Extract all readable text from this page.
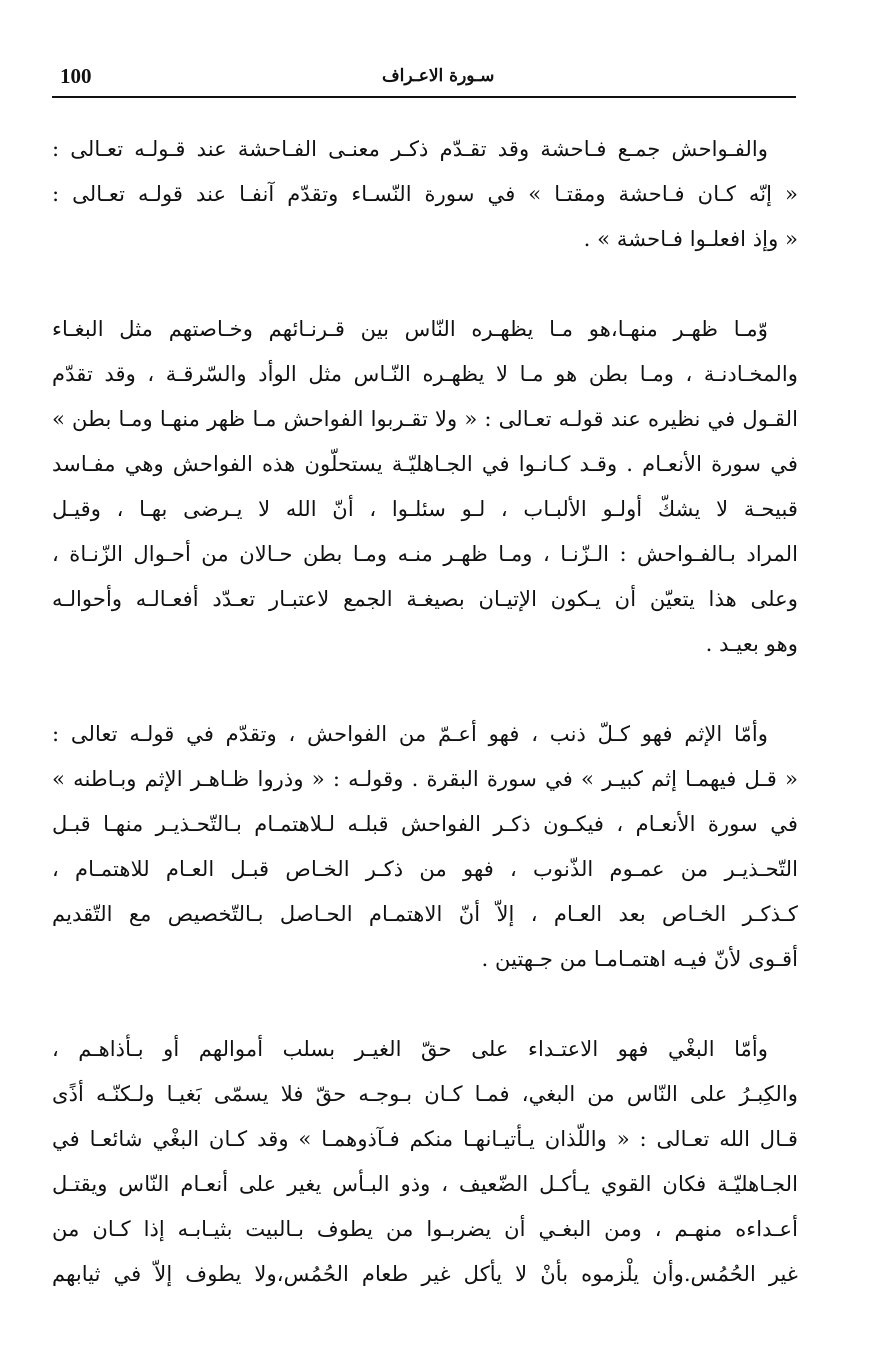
100	سـورة الاعـراف
والفـواحش جمـع فـاحشة وقد تقـدّم ذكـر معنـى الفـاحشة عند قـولـه تعـالى :
« إنّه كـان فـاحشة ومقتـا » في سورة النّسـاء وتقدّم آنفـا عند قولـه تعـالى :
« وإذ افعلـوا فـاحشة » .
وّمـا ظهـر منهـا،هو مـا يظهـره النّاس بين قـرنـائهم وخـاصتهم مثل البغـاء
والمخـادنـة ، ومـا بطن هو مـا لا يظهـره النّـاس مثل الوأد والسّرقـة ، وقد تقدّم
القـول في نظيره عند قولـه تعـالى : « ولا تقـربوا الفواحش مـا ظهر منهـا ومـا بطن »
في سورة الأنعـام . وقـد كـانـوا في الجـاهليّـة يستحلّون هذه الفواحش وهي مفـاسد
قبيحـة لا يشكّ أولـو الألبـاب ، لـو سئلـوا ، أنّ الله لا يـرضى بهـا ، وقيـل
المراد بـالفـواحش : الـزّنـا ، ومـا ظهـر منـه ومـا بطن حـالان من أحـوال الزّنـاة ،
وعلى هذا يتعيّن أن يـكون الإتيـان بصيغـة الجمع لاعتبـار تعـدّد أفعـالـه وأحوالـه
وهو بعيـد .
وأمّا الإثم فهو كـلّ ذنب ، فهو أعـمّ من الفواحش ، وتقدّم في قولـه تعالى :
« قـل فيهمـا إثم كبيـر » في سورة البقرة . وقولـه : « وذروا ظـاهـر الإثم وبـاطنه »
في سورة الأنعـام ، فيكـون ذكـر الفواحش قبلـه لـلاهتمـام بـالتّحـذيـر منهـا قبـل
التّحـذيـر من عمـوم الذّنوب ، فهو من ذكـر الخـاص قبـل العـام للاهتمـام ،
كـذكـر الخـاص بعد العـام ، إلاّ أنّ الاهتمـام الحـاصل بـالتّخصيص مع التّقديم
أقـوى لأنّ فيـه اهتمـامـا من جـهتين .
وأمّا البغْي فهو الاعتـداء على حقّ الغيـر بسلب أموالهم أو بـأذاهـم ،
والكِبـرُ على النّاس من البغي، فمـا كـان بـوجـه حقّ فلا يسمّى بَغيـا ولـكنّـه أذًى
قـال الله تعـالى : « واللّذان يـأتيـانهـا منكم فـآذوهمـا » وقد كـان البغْي شائعـا في
الجـاهليّـة فكان القوي يـأكـل الضّعيف ، وذو البـأس يغير على أنعـام النّاس ويقتـل
أعـداءه منهـم ، ومن البغـي أن يضربـوا من يطوف بـالبيت بثيـابـه إذا كـان من
غير الحُمُس.وأن يلْزموه بأنْ لا يأكل غير طعام الحُمُس،ولا يطوف إلاّ في ثيابهم
